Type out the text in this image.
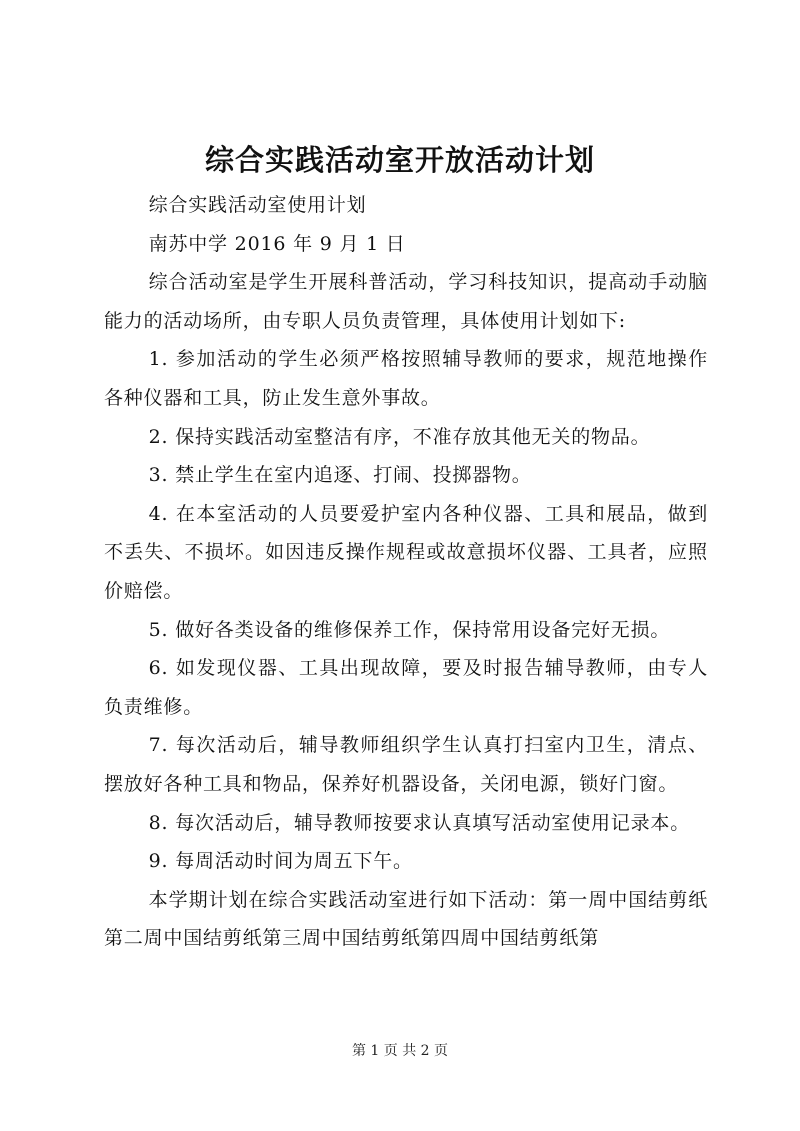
综合实践活动室开放活动计划

综合实践活动室使用计划

南苏中学 2016 年 9 月 1 日

综合活动室是学生开展科普活动，学习科技知识，提高动手动脑能力的活动场所，由专职人员负责管理，具体使用计划如下:

1. 参加活动的学生必须严格按照辅导教师的要求，规范地操作各种仪器和工具，防止发生意外事故。

2. 保持实践活动室整洁有序，不准存放其他无关的物品。

3. 禁止学生在室内追逐、打闹、投掷器物。

4. 在本室活动的人员要爱护室内各种仪器、工具和展品，做到不丢失、不损坏。如因违反操作规程或故意损坏仪器、工具者，应照价赔偿。

5. 做好各类设备的维修保养工作，保持常用设备完好无损。

6. 如发现仪器、工具出现故障，要及时报告辅导教师，由专人负责维修。

7. 每次活动后，辅导教师组织学生认真打扫室内卫生，清点、摆放好各种工具和物品，保养好机器设备，关闭电源，锁好门窗。

8. 每次活动后，辅导教师按要求认真填写活动室使用记录本。

9. 每周活动时间为周五下午。

本学期计划在综合实践活动室进行如下活动：第一周中国结剪纸第二周中国结剪纸第三周中国结剪纸第四周中国结剪纸第

第 1 页 共 2 页
